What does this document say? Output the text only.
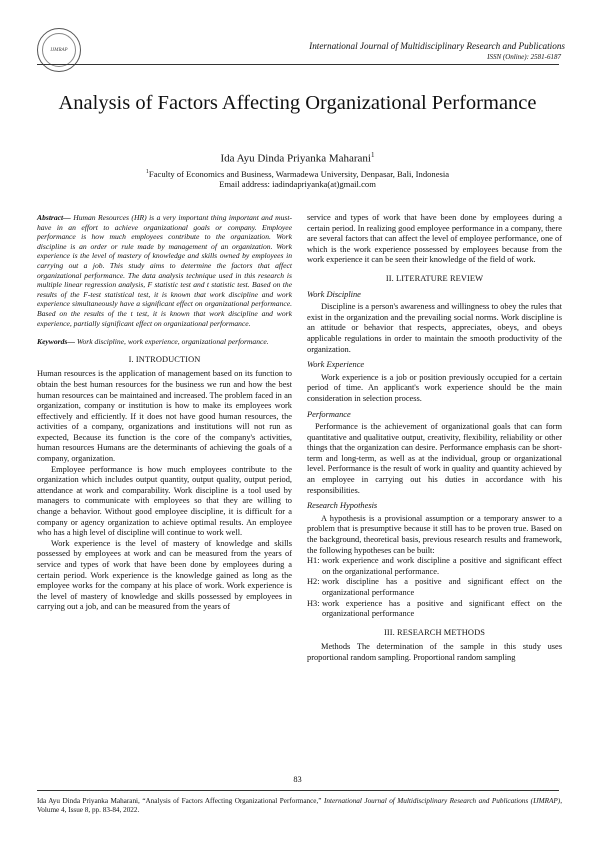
IJMRAP	International Journal of Multidisciplinary Research and Publications
ISSN (Online): 2581-6187
Analysis of Factors Affecting Organizational Performance
Ida Ayu Dinda Priyanka Maharani$^1$
$^1$Faculty of Economics and Business, Warmadewa University, Denpasar, Bali, Indonesia
Email address: iadindapriyanka(at)gmail.com

Abstract— Human Resources (HR) is a very important thing important and must-have in an effort to achieve organizational goals or company. Employee performance is how much employees contribute to the organization. Work discipline is an order or rule made by management of an organization. Work experience is the level of mastery of knowledge and skills owned by employees in carrying out a job. This study aims to determine the factors that affect organizational performance. The data analysis technique used in this research is multiple linear regression analysis, F statistic test and t statistic test. Based on the results of the F-test statistical test, it is known that work discipline and work experience simultaneously have a significant effect on organizational performance. Based on the results of the t test, it is known that work discipline and work experience, partially significant effect on organizational performance.

Keywords— Work discipline, work experience, organizational performance.

I. INTRODUCTION

Human resources is the application of management based on its function to obtain the best human resources for the business we run and how the best human resources can be maintained and increased. The problem faced in an organization, company or institution is how to make its employees work effectively and efficiently. If it does not have good human resources, the activities of a company, organizations and institutions will not run as expected, Because its function is the core of the company's activities, human resources Humans are the determinants of achieving the goals of a company, organization.

Employee performance is how much employees contribute to the organization which includes output quantity, output quality, output period, attendance at work and comparability. Work discipline is a tool used by managers to communicate with employees so that they are willing to change a behavior. Without good employee discipline, it is difficult for a company or agency organization to achieve optimal results. An employee who has a high level of discipline will continue to work well.

Work experience is the level of mastery of knowledge and skills possessed by employees at work and can be measured from the years of service and types of work that have been done by employees during a certain period. Work experience is the knowledge gained as long as the employee works for the company at his place of work. Work experience is the level of mastery of knowledge and skills possessed by employees in carrying out a job, and can be measured from the years of

service and types of work that have been done by employees during a certain period. In realizing good employee performance in a company, there are several factors that can affect the level of employee performance, one of which is the work experience possessed by employees because from the work experience it can be seen their knowledge of the field of work.

II. LITERATURE REVIEW

Work Discipline

Discipline is a person's awareness and willingness to obey the rules that exist in the organization and the prevailing social norms. Work discipline is an attitude or behavior that respects, appreciates, obeys, and obeys applicable regulations in order to maintain the smooth productivity of the organization.

Work Experience

Work experience is a job or position previously occupied for a certain period of time. An applicant's work experience should be the main consideration in selection process.

Performance

Performance is the achievement of organizational goals that can form quantitative and qualitative output, creativity, flexibility, reliability or other things that the organization can desire. Performance emphasis can be short-term and long-term, as well as at the individual, group or organizational level. Performance is the result of work in quality and quantity achieved by an employee in carrying out his duties in accordance with his responsibilities.

Research Hypothesis

A hypothesis is a provisional assumption or a temporary answer to a problem that is presumptive because it still has to be proven true. Based on the background, theoretical basis, previous research results and framework, the following hypotheses can be built:

H1: work experience and work discipline a positive and significant effect on the organizational performance.
H2: work discipline has a positive and significant effect on the organizational performance
H3: work experience has a positive and significant effect on the organizational performance

III. RESEARCH METHODS

Methods The determination of the sample in this study uses proportional random sampling. Proportional random sampling

83
Ida Ayu Dinda Priyanka Maharani, “Analysis of Factors Affecting Organizational Performance,” International Journal of Multidisciplinary Research and Publications (IJMRAP), Volume 4, Issue 8, pp. 83-84, 2022.
